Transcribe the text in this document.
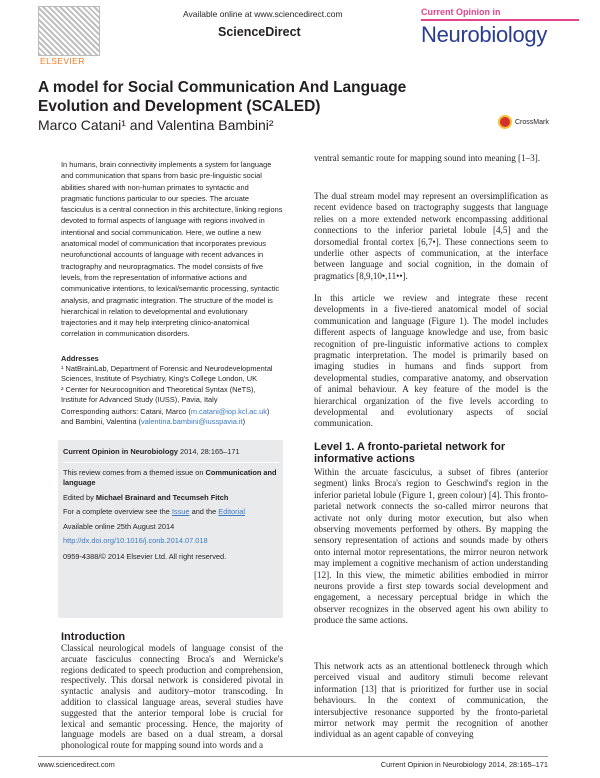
ELSEVIER
Available online at www.sciencedirect.com
ScienceDirect
Current Opinion in
Neurobiology
A model for Social Communication And Language Evolution and Development (SCALED)
Marco Catani¹ and Valentina Bambini²	CrossMark
In humans, brain connectivity implements a system for language and communication that spans from basic pre-linguistic social abilities shared with non-human primates to syntactic and pragmatic functions particular to our species. The arcuate fasciculus is a central connection in this architecture, linking regions devoted to formal aspects of language with regions involved in intentional and social communication. Here, we outline a new anatomical model of communication that incorporates previous neurofunctional accounts of language with recent advances in tractography and neuropragmatics. The model consists of five levels, from the representation of informative actions and communicative intentions, to lexical/semantic processing, syntactic analysis, and pragmatic integration. The structure of the model is hierarchical in relation to developmental and evolutionary trajectories and it may help interpreting clinico-anatomical correlation in communication disorders.
Addresses
¹ NatBrainLab, Department of Forensic and Neurodevelopmental Sciences, Institute of Psychiatry, King's College London, UK
² Center for Neurocognition and Theoretical Syntax (NeTS), Institute for Advanced Study (IUSS), Pavia, Italy
Corresponding authors: Catani, Marco (m.catani@iop.kcl.ac.uk) and Bambini, Valentina (valentina.bambini@iusspavia.it)
Current Opinion in Neurobiology 2014, 28:165–171
This review comes from a themed issue on Communication and language
Edited by Michael Brainard and Tecumseh Fitch
For a complete overview see the Issue and the Editorial
Available online 25th August 2014
http://dx.doi.org/10.1016/j.conb.2014.07.018
0959-4388/© 2014 Elsevier Ltd. All right reserved.
Introduction
Classical neurological models of language consist of the arcuate fasciculus connecting Broca's and Wernicke's regions dedicated to speech production and comprehension, respectively. This dorsal network is considered pivotal in syntactic analysis and auditory–motor transcoding. In addition to classical language areas, several studies have suggested that the anterior temporal lobe is crucial for lexical and semantic processing. Hence, the majority of language models are based on a dual stream, a dorsal phonological route for mapping sound into words and a

ventral semantic route for mapping sound into meaning [1–3].

The dual stream model may represent an oversimplification as recent evidence based on tractography suggests that language relies on a more extended network encompassing additional connections to the inferior parietal lobule [4,5] and the dorsomedial frontal cortex [6,7•]. These connections seem to underlie other aspects of communication, at the interface between language and social cognition, in the domain of pragmatics [8,9,10•,11••].

In this article we review and integrate these recent developments in a five-tiered anatomical model of social communication and language (Figure 1). The model includes different aspects of language knowledge and use, from basic recognition of pre-linguistic informative actions to complex pragmatic interpretation. The model is primarily based on imaging studies in humans and finds support from developmental studies, comparative anatomy, and observation of animal behaviour. A key feature of the model is the hierarchical organization of the five levels according to developmental and evolutionary aspects of social communication.

Level 1. A fronto-parietal network for informative actions

Within the arcuate fasciculus, a subset of fibres (anterior segment) links Broca's region to Geschwind's region in the inferior parietal lobule (Figure 1, green colour) [4]. This fronto-parietal network connects the so-called mirror neurons that activate not only during motor execution, but also when observing movements performed by others. By mapping the sensory representation of actions and sounds made by others onto internal motor representations, the mirror neuron network may implement a cognitive mechanism of action understanding [12]. In this view, the mimetic abilities embodied in mirror neurons provide a first step towards social development and engagement, a necessary perceptual bridge in which the observer recognizes in the observed agent his own ability to produce the same actions.

This network acts as an attentional bottleneck through which perceived visual and auditory stimuli become relevant information [13] that is prioritized for further use in social behaviours. In the context of communication, the intersubjective resonance supported by the fronto-parietal mirror network may permit the recognition of another individual as an agent capable of conveying

www.sciencedirect.com	Current Opinion in Neurobiology 2014, 28:165–171
